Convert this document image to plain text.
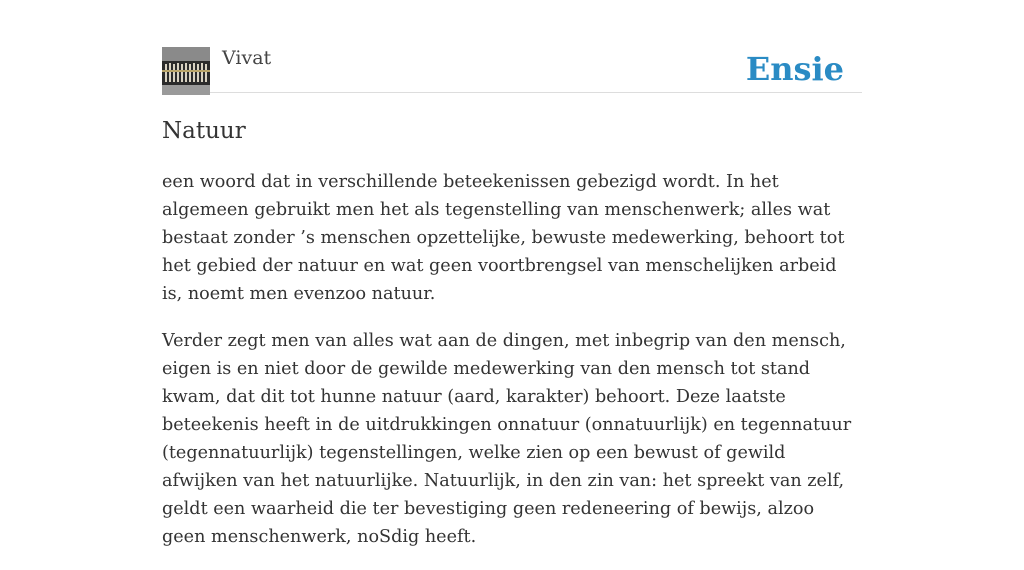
Vivat	Ensie
Natuur

een woord dat in verschillende beteekenissen gebezigd wordt. In het algemeen gebruikt men het als tegenstelling van menschenwerk; alles wat bestaat zonder ’s menschen opzettelijke, bewuste medewerking, behoort tot het gebied der natuur en wat geen voortbrengsel van menschelijken arbeid is, noemt men evenzoo natuur.

Verder zegt men van alles wat aan de dingen, met inbegrip van den mensch, eigen is en niet door de gewilde medewerking van den mensch tot stand kwam, dat dit tot hunne natuur (aard, karakter) behoort. Deze laatste beteekenis heeft in de uitdrukkingen onnatuur (onnatuurlijk) en tegennatuur (tegennatuurlijk) tegenstellingen, welke zien op een bewust of gewild afwijken van het natuurlijke. Natuurlijk, in den zin van: het spreekt van zelf, geldt een waarheid die ter bevestiging geen redeneering of bewijs, alzoo geen menschenwerk, noSdig heeft.
